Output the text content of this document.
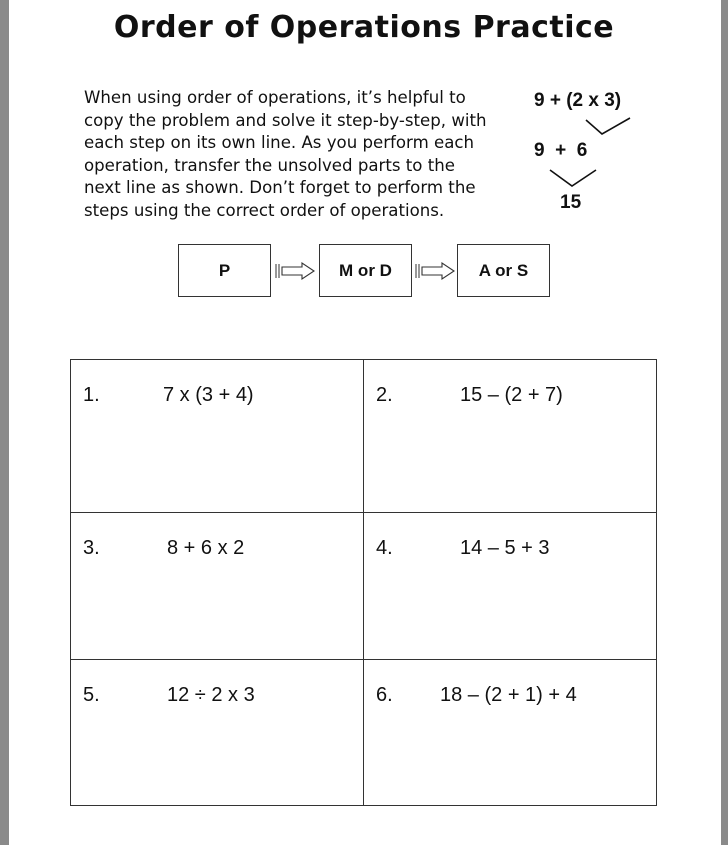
Order of Operations Practice
When using order of operations, it’s helpful to copy the problem and solve it step-by-step, with each step on its own line. As you perform each operation, transfer the unsolved parts to the next line as shown. Don’t forget to perform the steps using the correct order of operations.
9 + (2 x 3)
9  +  6
15
P	M or D	A or S
1.	7 x (3 + 4)	2.	15 – (2 + 7)
3.	8 + 6 x 2	4.	14 – 5 + 3
5.	12 ÷ 2 x 3	6. 18 – (2 + 1) + 4
